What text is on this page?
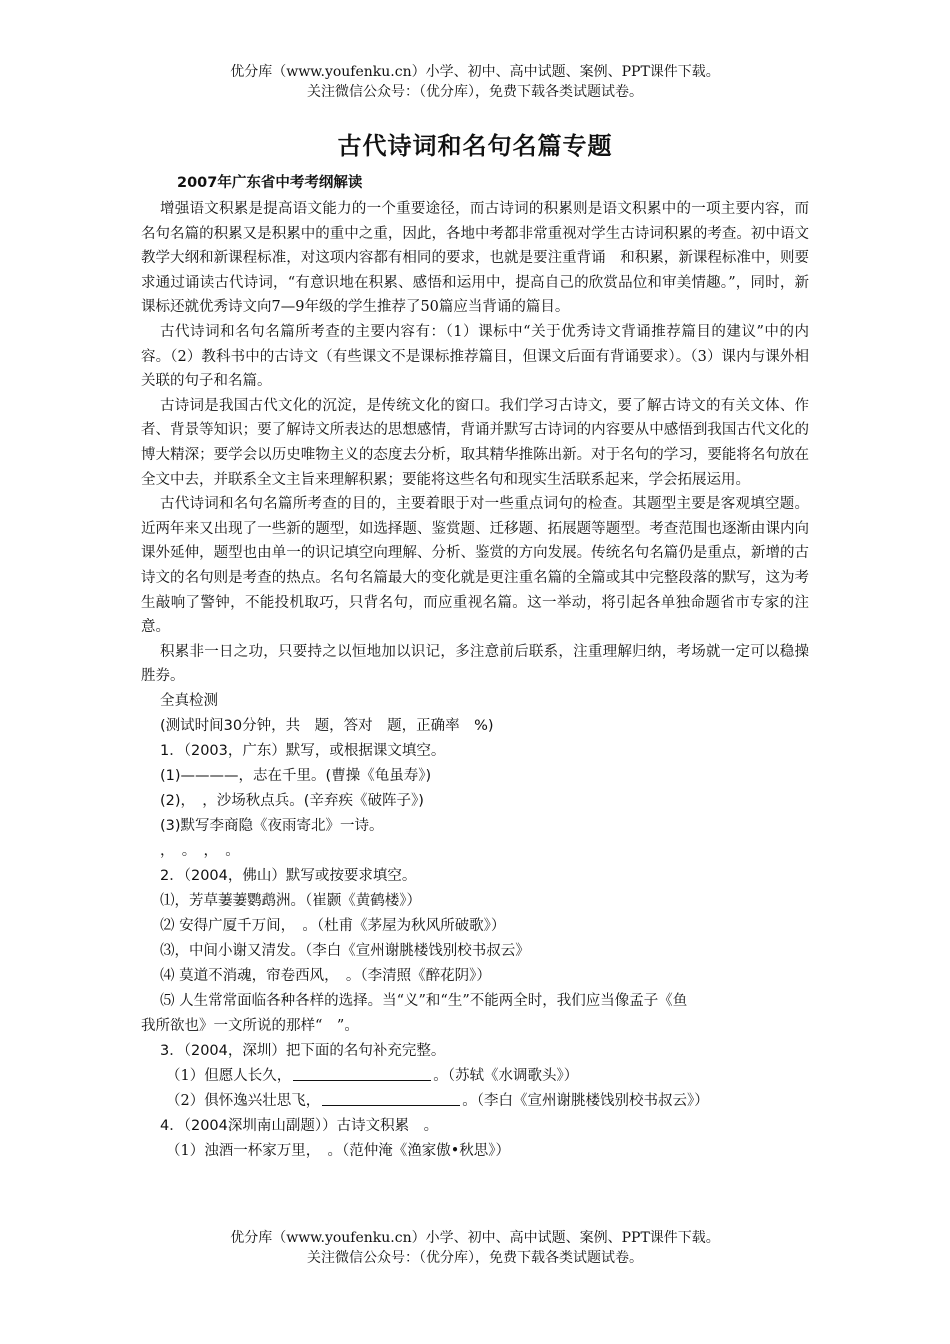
优分库（www.youfenku.cn）小学、初中、高中试题、案例、PPT课件下载。
关注微信公众号：（优分库），免费下载各类试题试卷。
古代诗词和名句名篇专题
2007年广东省中考考纲解读

增强语文积累是提高语文能力的一个重要途径，而古诗词的积累则是语文积累中的一项主要内容，而名句名篇的积累又是积累中的重中之重，因此，各地中考都非常重视对学生古诗词积累的考查。初中语文教学大纲和新课程标准，对这项内容都有相同的要求，也就是要注重背诵　和积累，新课程标准中，则要求通过诵读古代诗词，“有意识地在积累、感悟和运用中，提高自己的欣赏品位和审美情趣。”，同时，新课标还就优秀诗文向7—9年级的学生推荐了50篇应当背诵的篇目。

古代诗词和名句名篇所考查的主要内容有：（1）课标中“关于优秀诗文背诵推荐篇目的建议”中的内容。（2）教科书中的古诗文（有些课文不是课标推荐篇目，但课文后面有背诵要求）。（3）课内与课外相关联的句子和名篇。

古诗词是我国古代文化的沉淀，是传统文化的窗口。我们学习古诗文，要了解古诗文的有关文体、作者、背景等知识；要了解诗文所表达的思想感情，背诵并默写古诗词的内容要从中感悟到我国古代文化的博大精深；要学会以历史唯物主义的态度去分析，取其精华推陈出新。对于名句的学习，要能将名句放在全文中去，并联系全文主旨来理解积累；要能将这些名句和现实生活联系起来，学会拓展运用。

古代诗词和名句名篇所考查的目的，主要着眼于对一些重点词句的检查。其题型主要是客观填空题。近两年来又出现了一些新的题型，如选择题、鉴赏题、迁移题、拓展题等题型。考查范围也逐渐由课内向课外延伸，题型也由单一的识记填空向理解、分析、鉴赏的方向发展。传统名句名篇仍是重点，新增的古诗文的名句则是考查的热点。名句名篇最大的变化就是更注重名篇的全篇或其中完整段落的默写，这为考生敲响了警钟，不能投机取巧，只背名句，而应重视名篇。这一举动，将引起各单独命题省市专家的注意。

积累非一日之功，只要持之以恒地加以识记，多注意前后联系，注重理解归纳，考场就一定可以稳操胜券。

全真检测
(测试时间30分钟，共　题，答对　题，正确率　%)
1．（2003，广东）默写，或根据课文填空。
(1)————，志在千里。(曹操《龟虽寿》)
(2)，　，沙场秋点兵。(辛弃疾《破阵子》)
(3)默写李商隐《夜雨寄北》一诗。
，　。　，　。
2．（2004，佛山）默写或按要求填空。
⑴，芳草萋萋鹦鹉洲。（崔颢《黄鹤楼》）
⑵ 安得广厦千万间，　。（杜甫《茅屋为秋风所破歌》）
⑶，中间小谢又清发。（李白《宣州谢朓楼饯别校书叔云》
⑷ 莫道不消魂，帘卷西风，　。（李清照《醉花阴》）
⑸ 人生常常面临各种各样的选择。当“义”和“生”不能两全时，我们应当像孟子《鱼
我所欲也》一文所说的那样“　”。
3．（2004，深圳）把下面的名句补充完整。
（1）但愿人长久，	。（苏轼《水调歌头》）
（2）俱怀逸兴壮思飞，	。（李白《宣州谢朓楼饯别校书叔云》）
4．（2004深圳南山副题））古诗文积累　。
（1）浊酒一杯家万里，　。（范仲淹《渔家傲•秋思》）
优分库（www.youfenku.cn）小学、初中、高中试题、案例、PPT课件下载。
关注微信公众号：（优分库），免费下载各类试题试卷。
